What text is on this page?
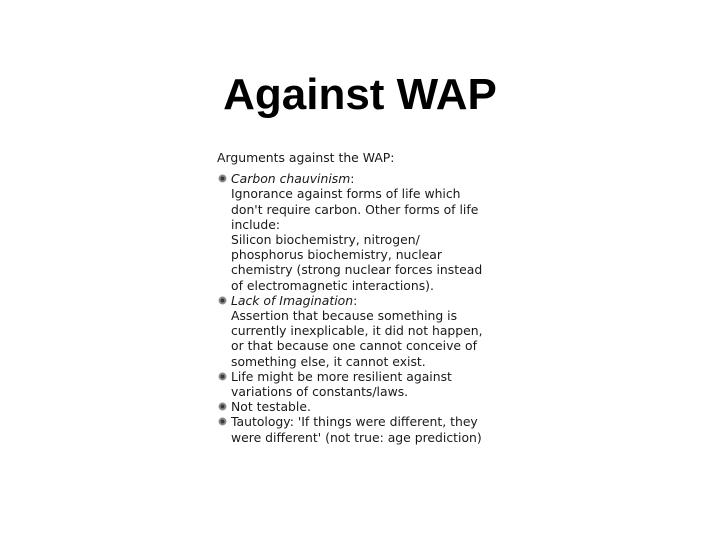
Against WAP
Arguments against the WAP:
Carbon chauvinism:
Ignorance against forms of life which
don't require carbon. Other forms of life
include:
Silicon biochemistry, nitrogen/
phosphorus biochemistry, nuclear
chemistry (strong nuclear forces instead
of electromagnetic interactions).
Lack of Imagination:
Assertion that because something is
currently inexplicable, it did not happen,
or that because one cannot conceive of
something else, it cannot exist.
Life might be more resilient against
variations of constants/laws.
Not testable.
Tautology: 'If things were different, they
were different' (not true: age prediction)
